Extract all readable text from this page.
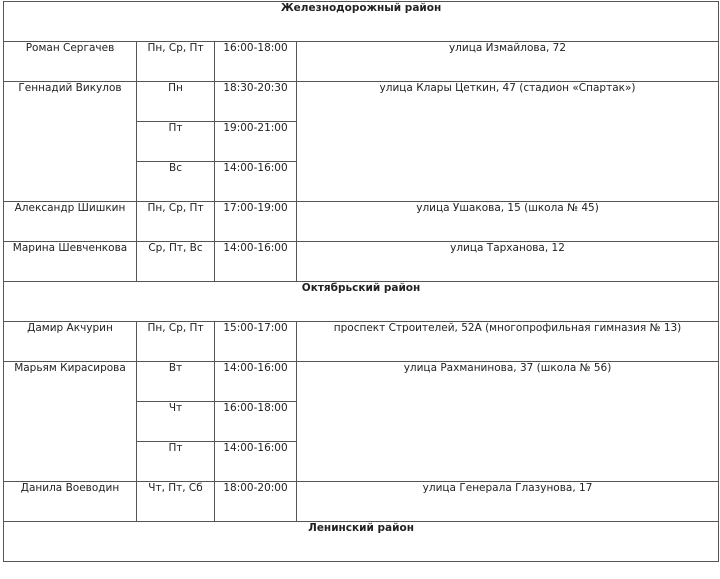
Железнодорожный район			
Роман Сергачев	Пн, Ср, Пт	16:00-18:00	улица Измайлова, 72
Геннадий Викулов	Пн	18:30-20:30	улица Клары Цеткин, 47 (стадион «Спартак»)
	Пт	19:00-21:00	
	Вс	14:00-16:00	
Александр Шишкин	Пн, Ср, Пт	17:00-19:00	улица Ушакова, 15 (школа № 45)
Марина Шевченкова	Ср, Пт, Вс	14:00-16:00	улица Тарханова, 12
Октябрьский район			
Дамир Акчурин	Пн, Ср, Пт	15:00-17:00	проспект Строителей, 52А (многопрофильная гимназия № 13)
Марьям Кирасирова	Вт	14:00-16:00	улица Рахманинова, 37 (школа № 56)
	Чт	16:00-18:00	
	Пт	14:00-16:00	
Данила Воеводин	Чт, Пт, Сб	18:00-20:00	улица Генерала Глазунова, 17
Ленинский район			
